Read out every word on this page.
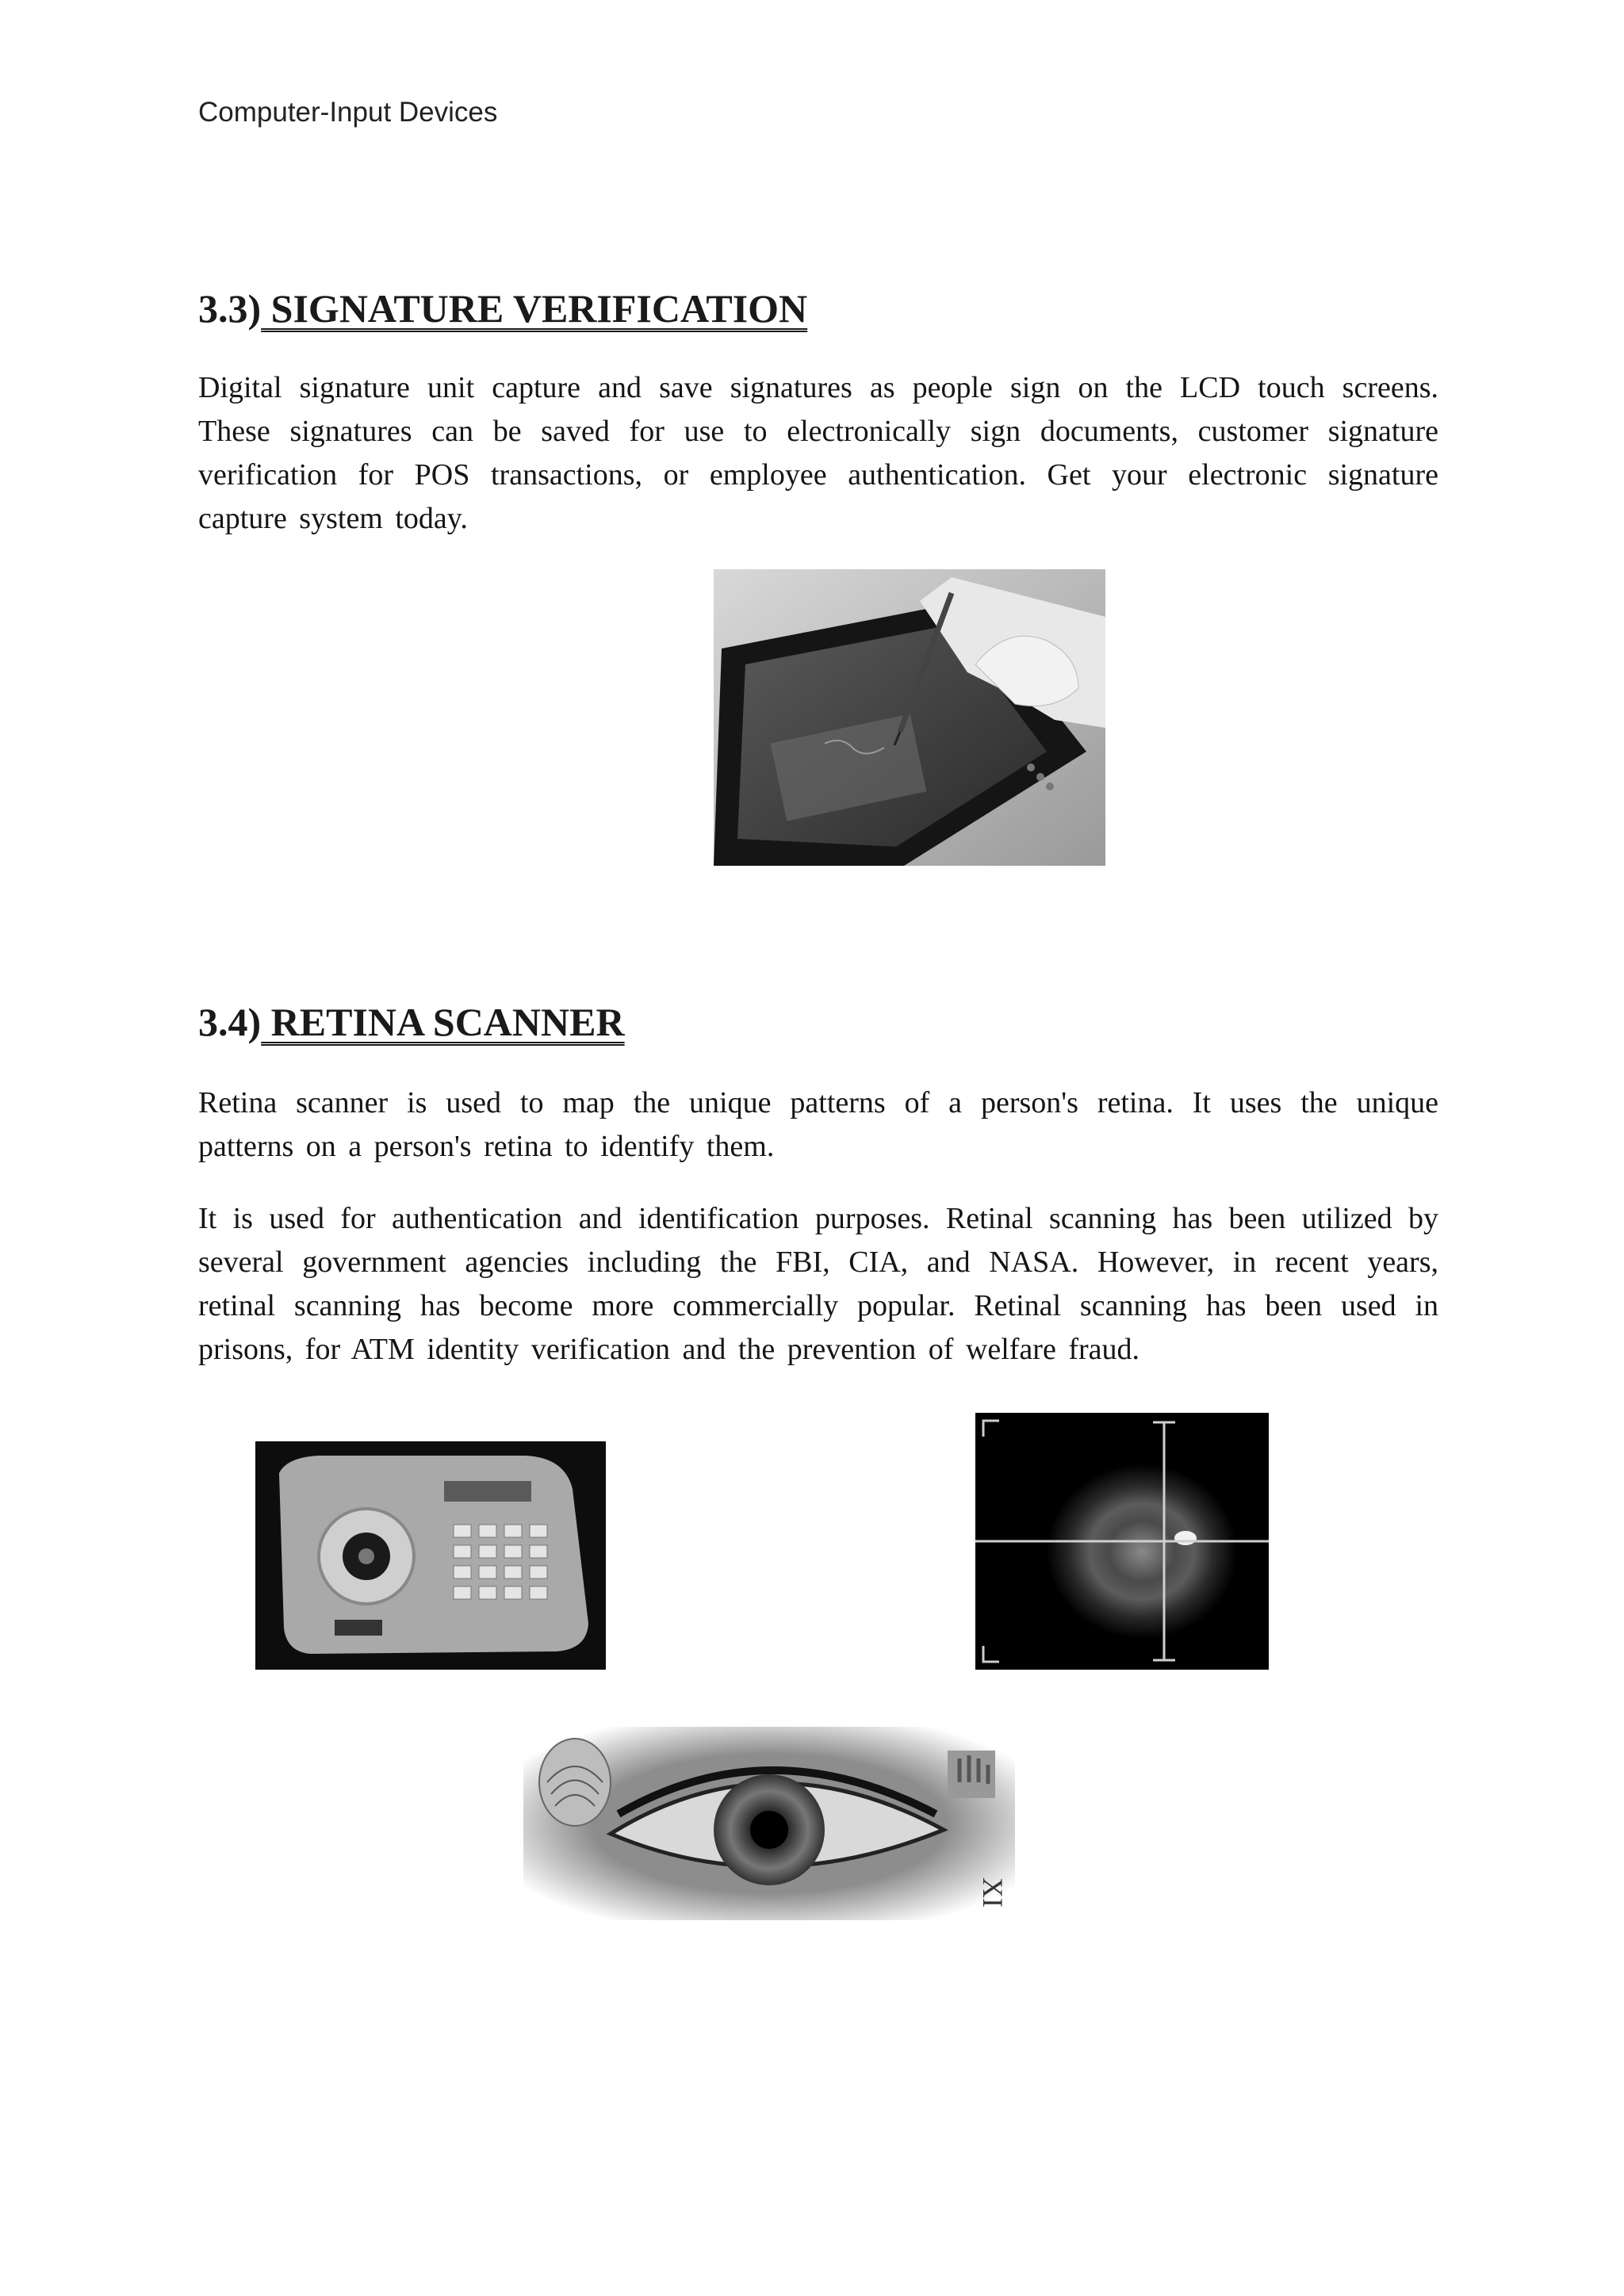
Computer-Input Devices
3.3) SIGNATURE VERIFICATION

Digital signature unit capture and save signatures as people sign on the LCD touch screens. These signatures can be saved for use to electronically sign documents, customer signature verification for POS transactions, or employee authentication. Get your electronic signature capture system today.

3.4) RETINA SCANNER

Retina scanner is used to map the unique patterns of a person's retina. It uses the unique patterns on a person's retina to identify them.

It is used for authentication and identification purposes. Retinal scanning has been utilized by several government agencies including the FBI, CIA, and NASA. However, in recent years, retinal scanning has become more commercially popular. Retinal scanning has been used in prisons, for ATM identity verification and the prevention of welfare fraud.

XI
